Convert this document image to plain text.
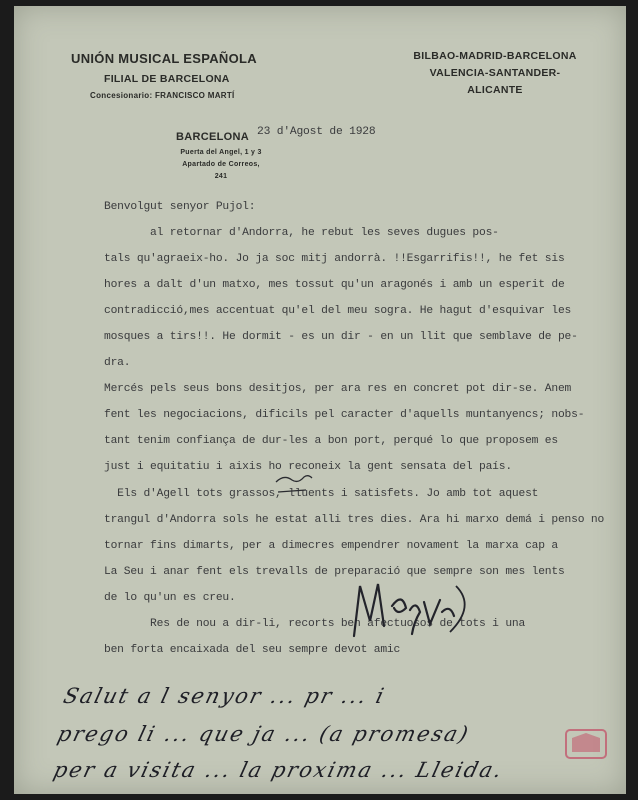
UNIÓN MUSICAL ESPAÑOLA
FILIAL DE BARCELONA
Concesionario: FRANCISCO MARTÍ
BILBAO-MADRID-BARCELONA
VALENCIA-SANTANDER-ALICANTE
BARCELONA
Puerta del Angel, 1 y 3
Apartado de Correos, 241
23 d'Agost de 1928
Benvolgut senyor Pujol:
al retornar d'Andorra, he rebut les seves dugues pos-
tals qu'agraeix-ho. Jo ja soc mitj andorrà. !!Esgarrifis!!, he fet sis
hores a dalt d'un matxo, mes tossut qu'un aragonés i amb un esperit de
contradicció,mes accentuat qu'el del meu sogra. He hagut d'esquivar les
mosques a tirs!!. He dormit - es un dir - en un llit que semblave de pe-
dra.
Mercés pels seus bons desitjos, per ara res en concret pot dir-se. Anem
fent les negociacions, dificils pel caracter d'aquells muntanyencs; nobs-
tant tenim confiança de dur-les a bon port, perqué lo que proposem es
just i equitatiu i aixis ho reconeix la gent sensata del país.
Els d'Agell tots grassos, lluents i satisfets. Jo amb tot aquest
trangul d'Andorra sols he estat alli tres dies. Ara hi marxo demá i penso no
tornar fins dimarts, per a dimecres empendrer novament la marxa cap a
La Seu i anar fent els trevalls de preparació que sempre son mes lents
de lo qu'un es creu.
Res de nou a dir-li, recorts ben afectuosos de tots i una
ben forta encaixada del seu sempre devot amic
Salut a l senyor ... pr ... i
prego li ... que ja ... (a promesa)
per a visita ... la proxima ... Lleida.
